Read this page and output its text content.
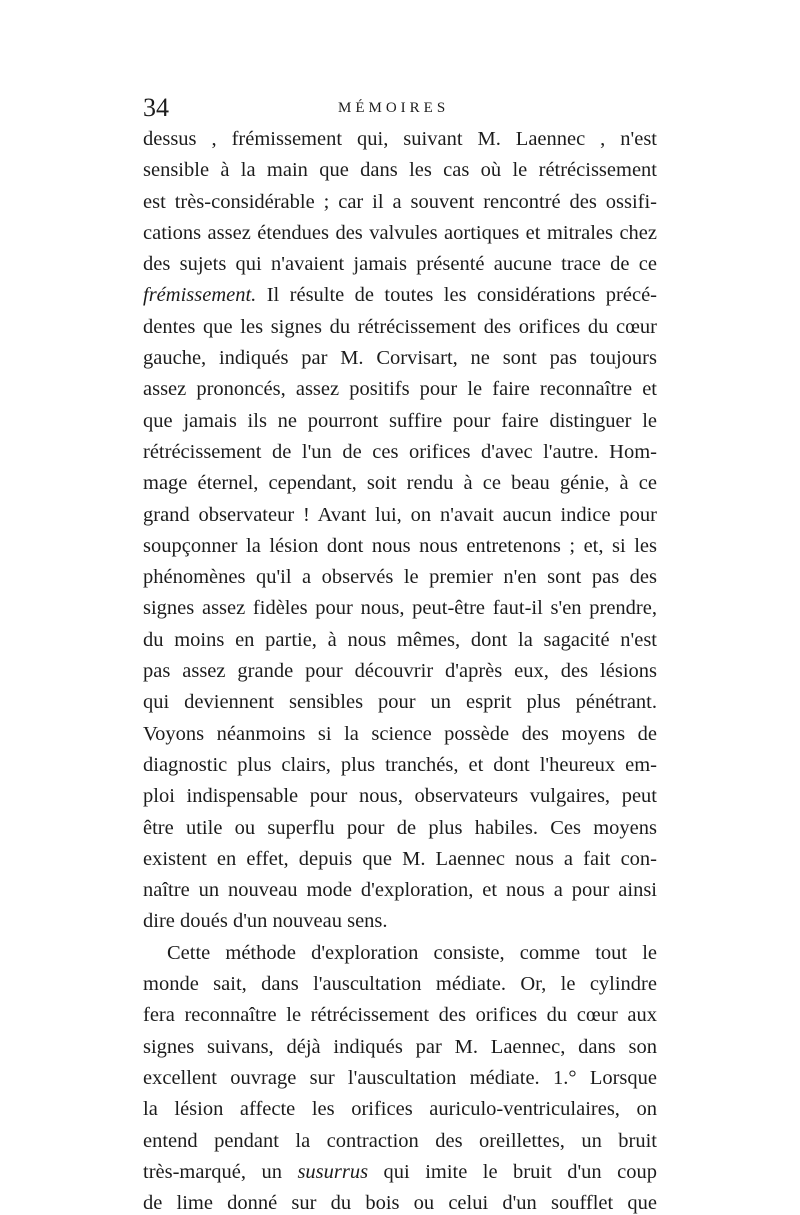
34	MÉMOIRES
dessus , frémissement qui, suivant M. Laennec , n'est
sensible à la main que dans les cas où le rétrécissement
est très-considérable ; car il a souvent rencontré des ossifi-
cations assez étendues des valvules aortiques et mitrales chez
des sujets qui n'avaient jamais présenté aucune trace de ce
frémissement. Il résulte de toutes les considérations précé-
dentes que les signes du rétrécissement des orifices du cœur
gauche, indiqués par M. Corvisart, ne sont pas toujours
assez prononcés, assez positifs pour le faire reconnaître et
que jamais ils ne pourront suffire pour faire distinguer le
rétrécissement de l'un de ces orifices d'avec l'autre. Hom-
mage éternel, cependant, soit rendu à ce beau génie, à ce
grand observateur ! Avant lui, on n'avait aucun indice pour
soupçonner la lésion dont nous nous entretenons ; et, si les
phénomènes qu'il a observés le premier n'en sont pas des
signes assez fidèles pour nous, peut-être faut-il s'en prendre,
du moins en partie, à nous mêmes, dont la sagacité n'est
pas assez grande pour découvrir d'après eux, des lésions
qui deviennent sensibles pour un esprit plus pénétrant.
Voyons néanmoins si la science possède des moyens de
diagnostic plus clairs, plus tranchés, et dont l'heureux em-
ploi indispensable pour nous, observateurs vulgaires, peut
être utile ou superflu pour de plus habiles. Ces moyens
existent en effet, depuis que M. Laennec nous a fait con-
naître un nouveau mode d'exploration, et nous a pour ainsi
dire doués d'un nouveau sens.
Cette méthode d'exploration consiste, comme tout le
monde sait, dans l'auscultation médiate. Or, le cylindre
fera reconnaître le rétrécissement des orifices du cœur aux
signes suivans, déjà indiqués par M. Laennec, dans son
excellent ouvrage sur l'auscultation médiate. 1.° Lorsque
la lésion affecte les orifices auriculo-ventriculaires, on
entend pendant la contraction des oreillettes, un bruit
très-marqué, un susurrus qui imite le bruit d'un coup
de lime donné sur du bois ou celui d'un soufflet que
